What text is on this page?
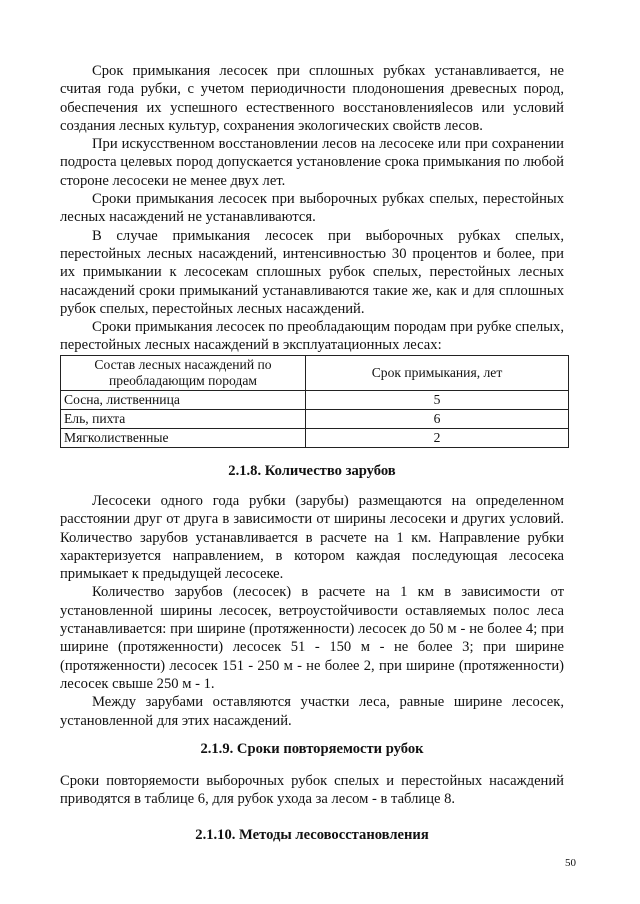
Срок примыкания лесосек при сплошных рубках устанавливается, не считая года рубки, с учетом периодичности плодоношения древесных пород, обеспечения их успешного естественного восстановленияlесов или условий создания лесных культур, сохранения экологических свойств лесов.

При искусственном восстановлении лесов на лесосеке или при сохранении подроста целевых пород допускается установление срока примыкания по любой стороне лесосеки не менее двух лет.

Сроки примыкания лесосек при выборочных рубках спелых, перестойных лесных насаждений не устанавливаются.

В случае примыкания лесосек при выборочных рубках спелых, перестойных лесных насаждений, интенсивностью 30 процентов и более, при их примыкании к лесосекам сплошных рубок спелых, перестойных лесных насаждений сроки примыканий устанавливаются такие же, как и для сплошных рубок спелых, перестойных лесных насаждений.

Сроки примыкания лесосек по преобладающим породам при рубке спелых, перестойных лесных насаждений в эксплуатационных лесах:

Состав лесных насаждений по преобладающим породам	Срок примыкания, лет
Сосна, лиственница	5
Ель, пихта	6
Мягколиственные	2
2.1.8. Количество зарубов

Лесосеки одного года рубки (зарубы) размещаются на определенном расстоянии друг от друга в зависимости от ширины лесосеки и других условий. Количество зарубов устанавливается в расчете на 1 км. Направление рубки характеризуется направлением, в котором каждая последующая лесосека примыкает к предыдущей лесосеке.

Количество зарубов (лесосек) в расчете на 1 км в зависимости от установленной ширины лесосек, ветроустойчивости оставляемых полос леса устанавливается: при ширине (протяженности) лесосек до 50 м - не более 4; при ширине (протяженности) лесосек 51 - 150 м - не более 3; при ширине (протяженности) лесосек 151 - 250 м - не более 2, при ширине (протяженности) лесосек свыше 250 м - 1.

Между зарубами оставляются участки леса, равные ширине лесосек, установленной для этих насаждений.

2.1.9. Сроки повторяемости рубок

Сроки повторяемости выборочных рубок спелых и перестойных насаждений приводятся в таблице 6, для рубок ухода за лесом - в таблице 8.

2.1.10. Методы лесовосстановления
50
